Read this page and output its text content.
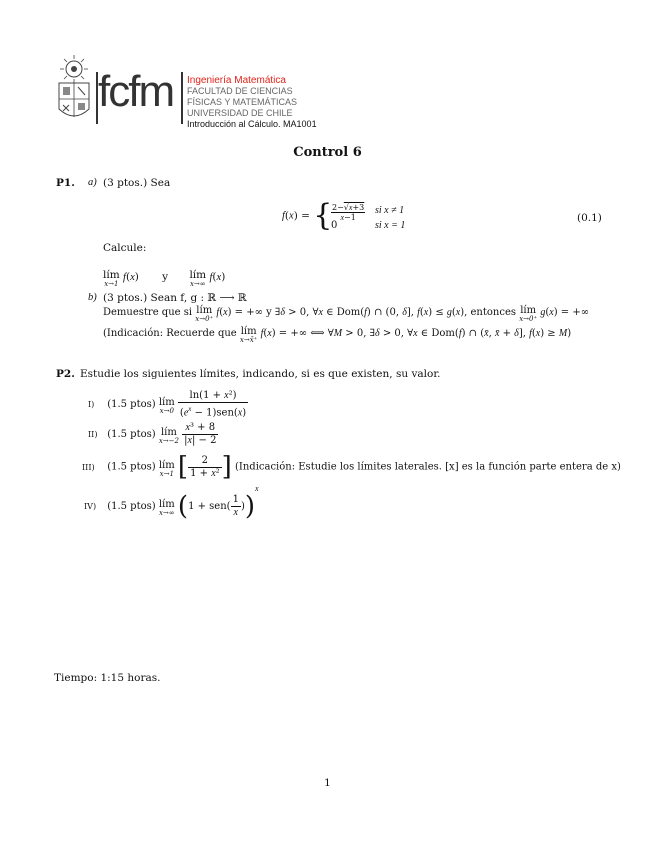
fcfm Ingeniería Matemática
FACULTAD DE CIENCIAS
FÍSICAS Y MATEMÁTICAS
UNIVERSIDAD DE CHILE
Introducción al Cálculo. MA1001
Control 6
P1. a) (3 ptos.) Sea
f(x) = {
$\frac{2-√x+3}{x-1}$ si x ≠ 1
0	si x = 1
(0.1)
Calcule:
lím
x→1
f(x) y lím
x→∞
f(x)
b) (3 ptos.) Sean f, g : ℝ ⟶ ℝ
Demuestre que si lím
x→0⁺
f(x) = +∞ y ∃δ > 0, ∀x ∈ Dom(f) ∩ (0, δ], f(x) ≤ g(x), entonces lím
x→0⁺
g(x) = +∞
(Indicación: Recuerde que lím
x→x̄⁺
f(x) = +∞ ⟺ ∀M > 0, ∃δ > 0, ∀x ∈ Dom(f) ∩ (x̄, x̄ + δ], f(x) ≥ M)
P2. Estudie los siguientes límites, indicando, si es que existen, su valor.
I) (1.5 ptos) lím
x→0
$\frac{\text{ln(1 + x²)}}{(e^x - 1)sen(x)}$
II) (1.5 ptos) lím
x→−2
$\frac{\text{x³ + 8}}{|x| - 2}$
III) (1.5 ptos) lím
x→1 [ $\frac{2}{\text{1 + x²}}$ ] (Indicación: Estudie los límites laterales. [x] es la función parte entera de x)
IV) (1.5 ptos) lím
x→∞ $(1 + sen( \frac{1}{x} ))^x$
Tiempo: 1:15 horas.
1
